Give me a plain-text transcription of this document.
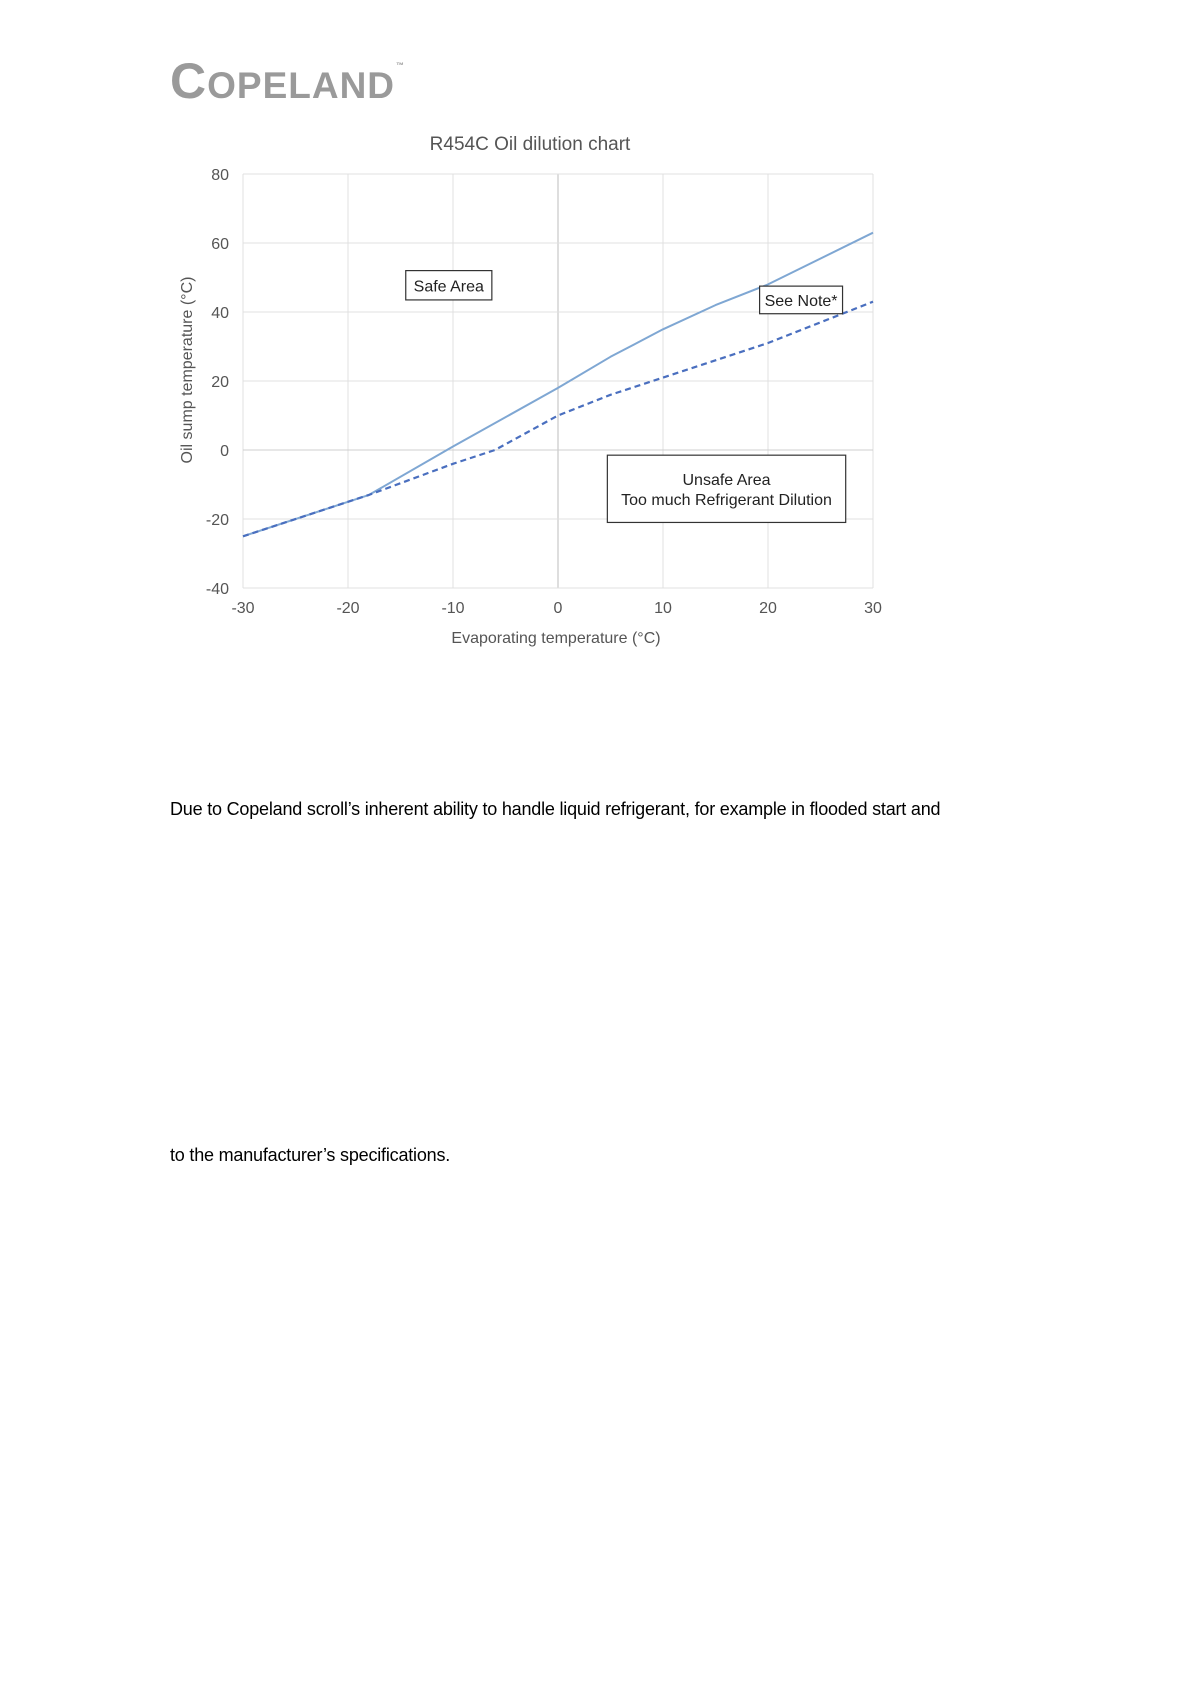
COPELAND™
Safe Area
See Note*
Unsafe Area
Too much Refrigerant Dilution
R454C Oil dilution chart
Evaporating temperature (°C)
Oil sump temperature (°C)
-30	-20	-10	0	10	20	30
-40
-20
0
20
40
60
80

Due to Copeland scroll’s inherent ability to handle liquid refrigerant, for example in flooded start and

to the manufacturer’s specifications.
